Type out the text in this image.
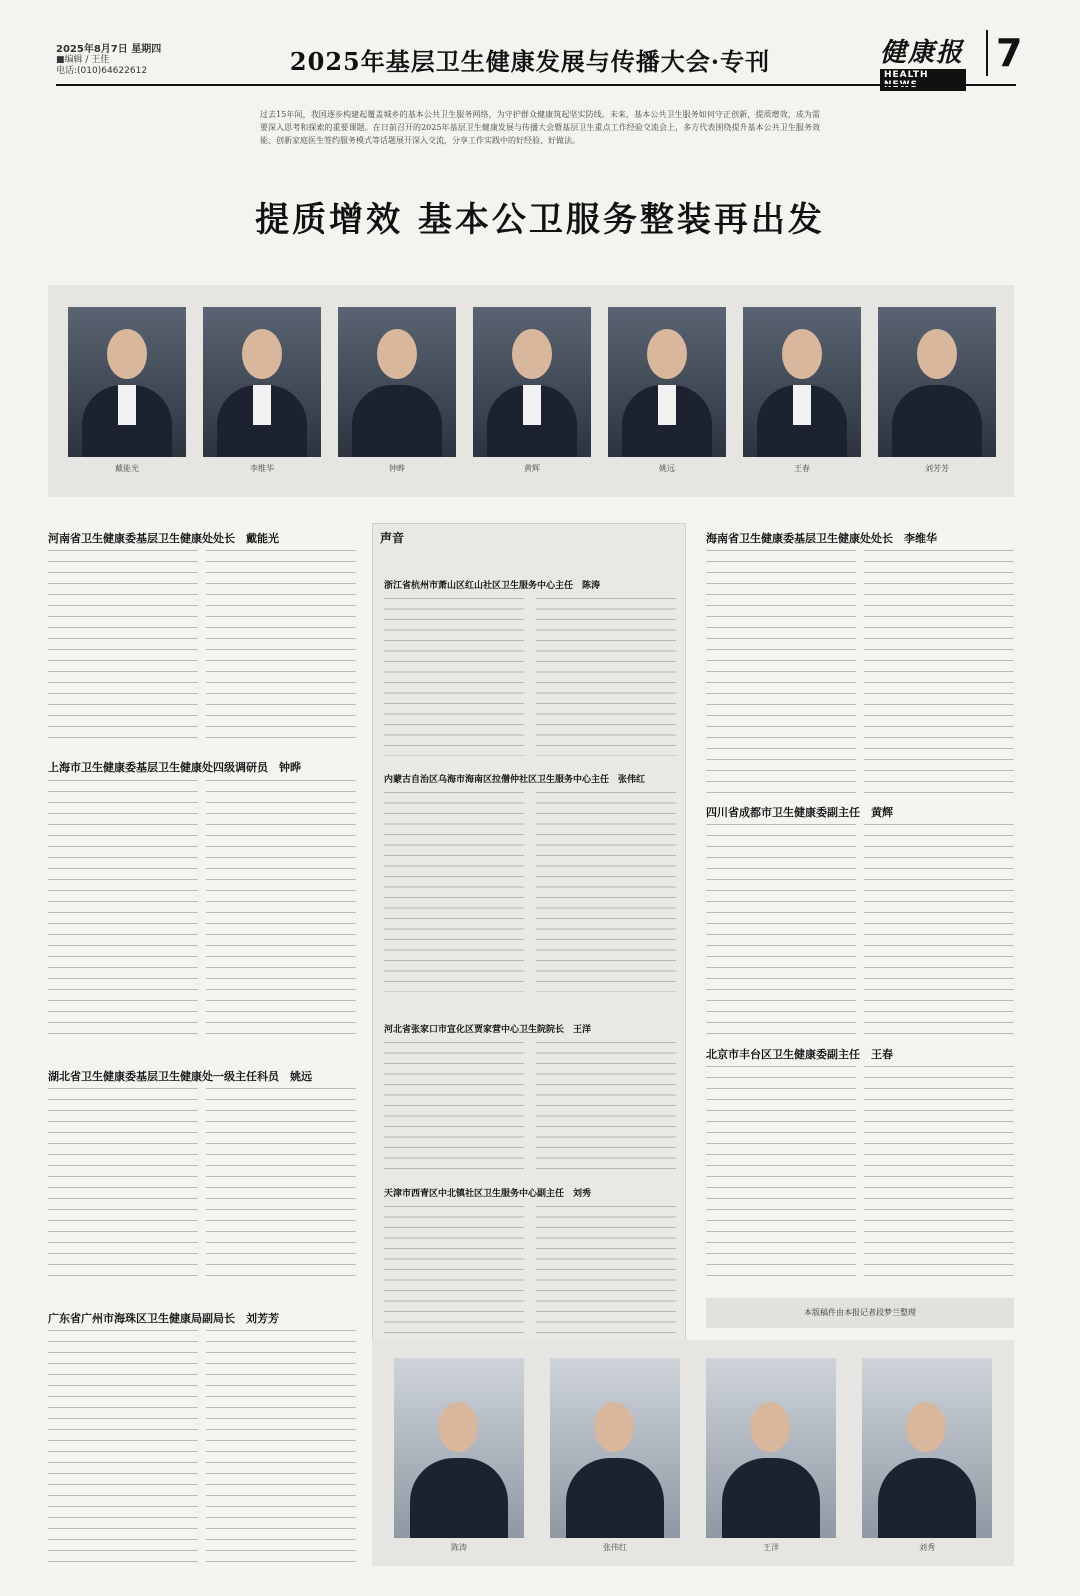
2025年8月7日 星期四
■编辑 / 王佳
电话:(010)64622612	2025年基层卫生健康发展与传播大会·专刊	健康报
HEALTH	7
过去15年间，我国逐步构建起覆盖城乡的基本公共卫生服务网络，为守护群众健康筑起坚实防线。未来，基本公共卫生服务如何守正创新，提质增效，成为需要深入思考和探索的重要课题。在日前召开的2025年基层卫生健康发展与传播大会暨基层卫生重点工作经验交流会上，多方代表围绕提升基本公共卫生服务效能、创新家庭医生签约服务模式等话题展开深入交流，分享工作实践中的好经验、好做法。
提质增效 基本公卫服务整装再出发
戴能光	李维华	钟晔	黄辉	姚远	王春	刘芳芳
河南省卫生健康委基层卫生健康处处长　戴能光
上海市卫生健康委基层卫生健康处四级调研员　钟晔
湖北省卫生健康委基层卫生健康处一级主任科员　姚远
广东省广州市海珠区卫生健康局副局长　刘芳芳
声音
浙江省杭州市萧山区红山社区卫生服务中心主任　陈涛
内蒙古自治区乌海市海南区拉僧仲社区卫生服务中心主任　张伟红
河北省张家口市宣化区贾家营中心卫生院院长　王洋
天津市西青区中北镇社区卫生服务中心副主任　刘秀
海南省卫生健康委基层卫生健康处处长　李维华
四川省成都市卫生健康委副主任　黄辉
北京市丰台区卫生健康委副主任　王春
本版稿件由本报记者段梦兰整理
陈涛	张伟红	王洋	刘秀
